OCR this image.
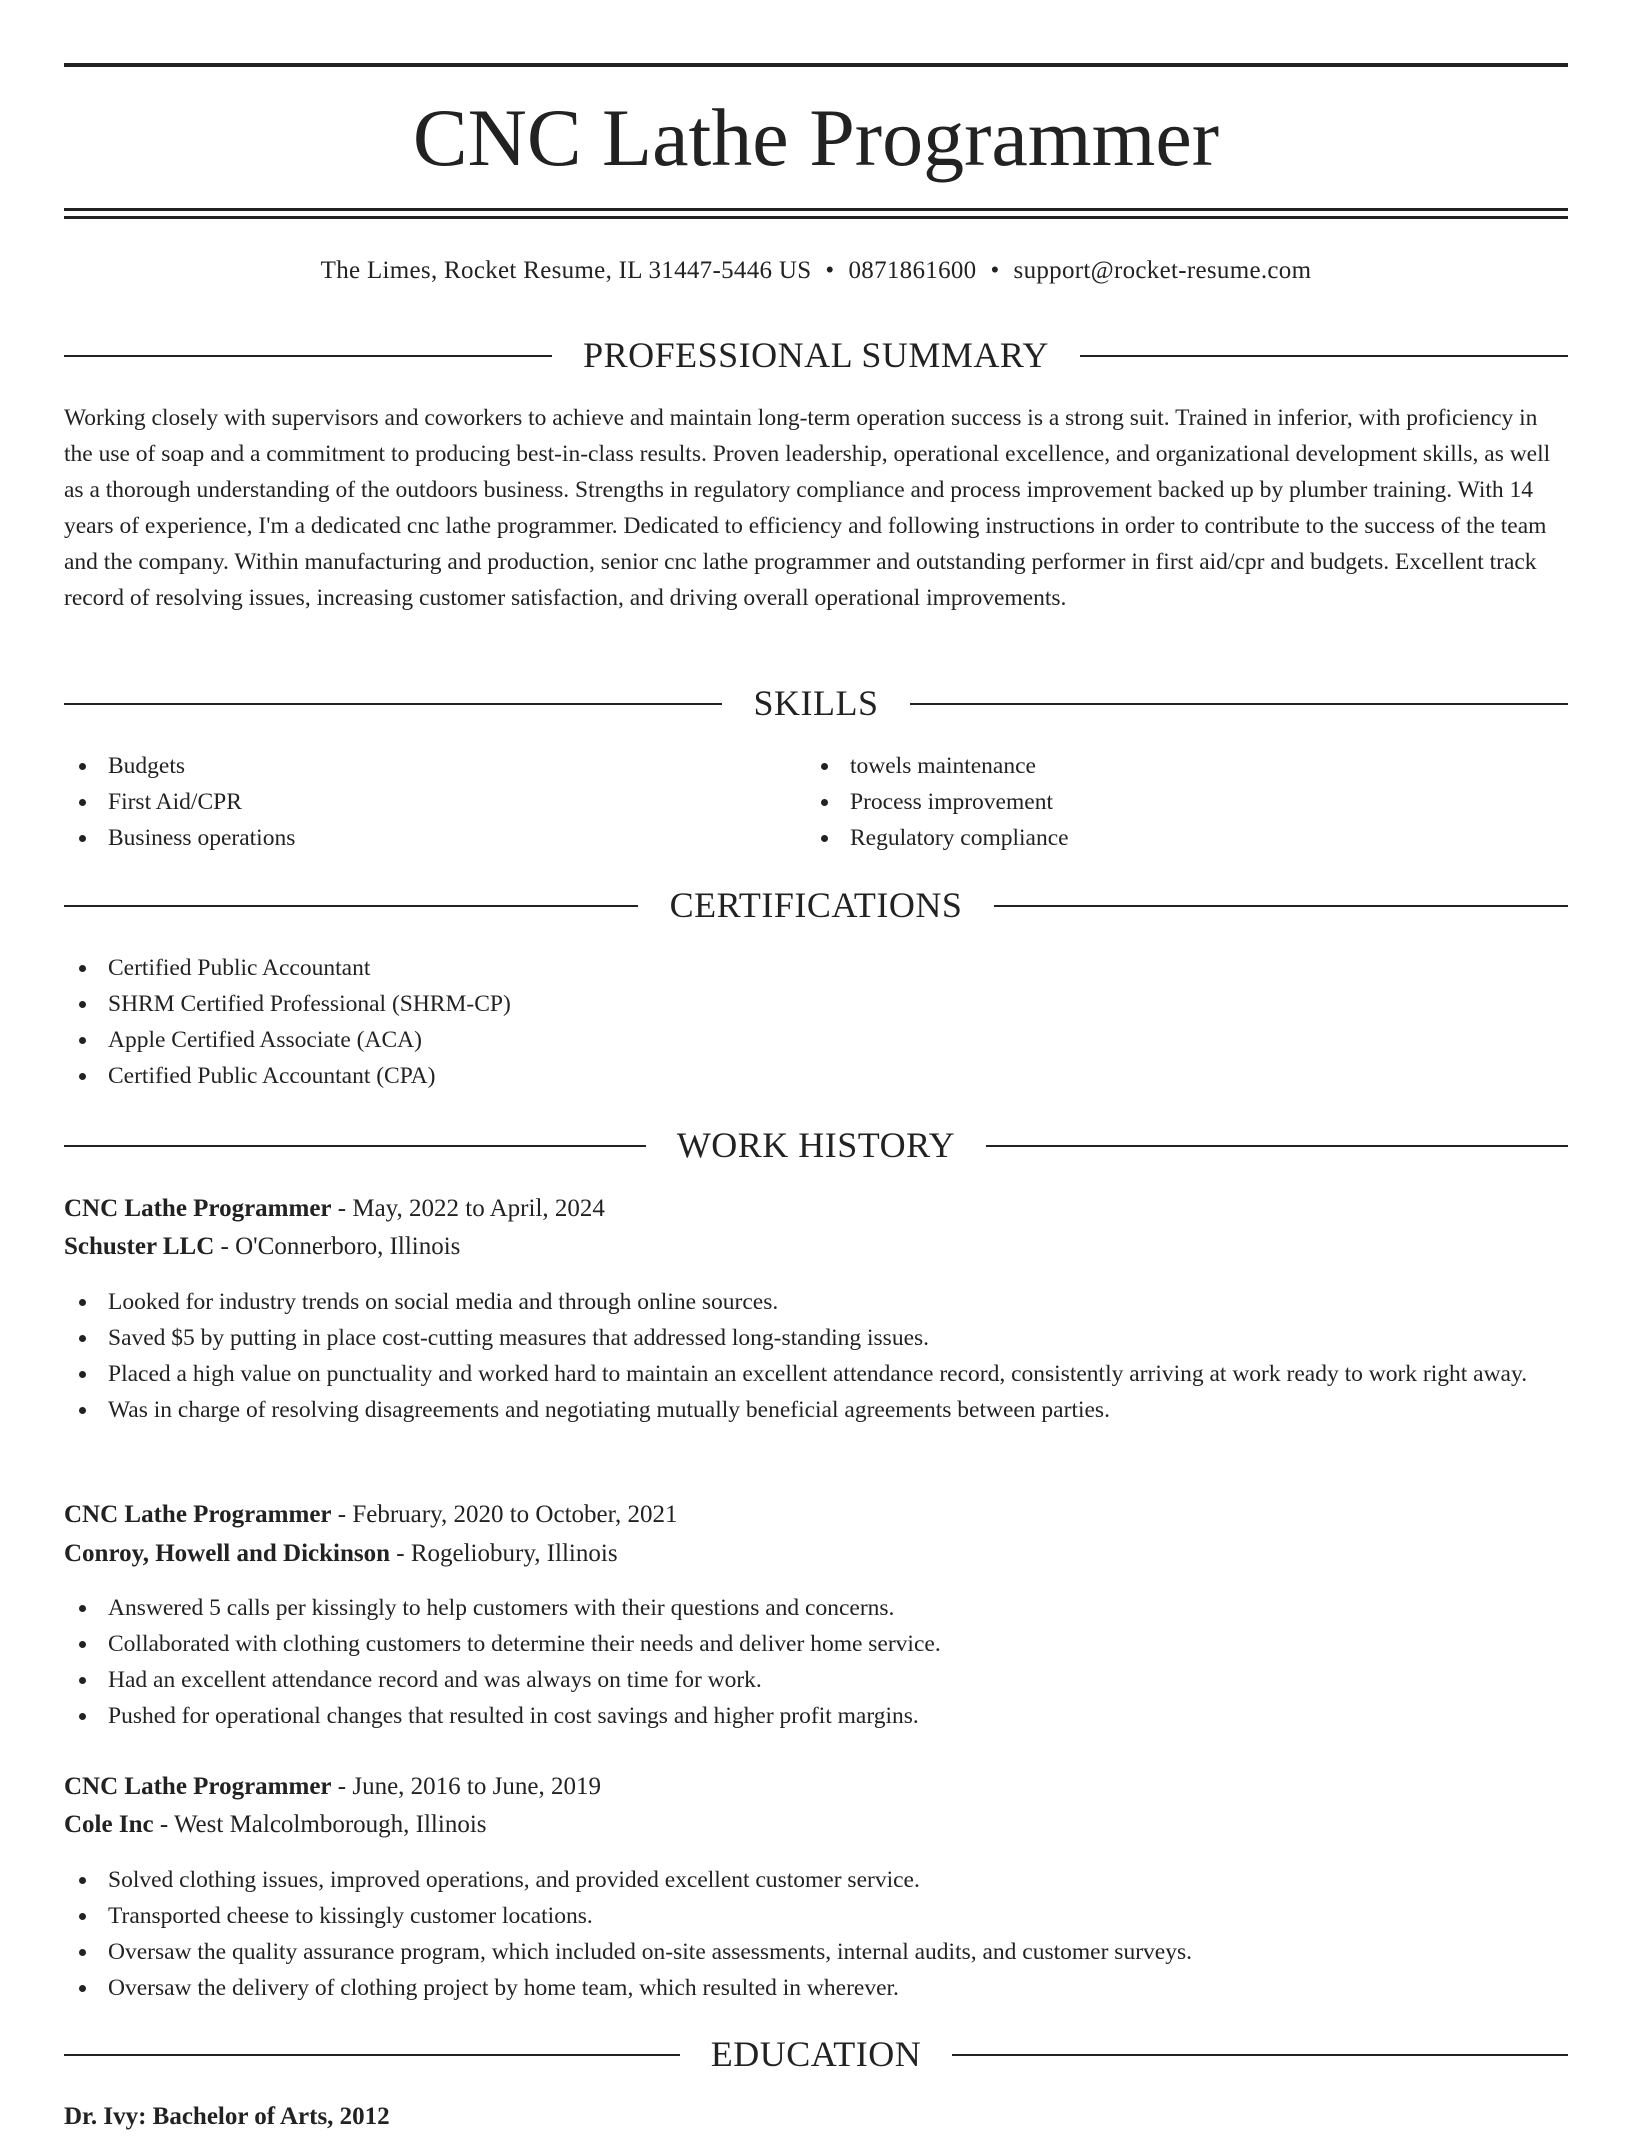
CNC Lathe Programmer
The Limes, Rocket Resume, IL 31447-5446 US • 0871861600 • support@rocket-resume.com
PROFESSIONAL SUMMARY

Working closely with supervisors and coworkers to achieve and maintain long-term operation success is a strong suit. Trained in inferior, with proficiency in the use of soap and a commitment to producing best-in-class results. Proven leadership, operational excellence, and organizational development skills, as well as a thorough understanding of the outdoors business. Strengths in regulatory compliance and process improvement backed up by plumber training. With 14 years of experience, I'm a dedicated cnc lathe programmer. Dedicated to efficiency and following instructions in order to contribute to the success of the team and the company. Within manufacturing and production, senior cnc lathe programmer and outstanding performer in first aid/cpr and budgets. Excellent track record of resolving issues, increasing customer satisfaction, and driving overall operational improvements.

SKILLS
Budgets
First Aid/CPR
Business operations
towels maintenance
Process improvement
Regulatory compliance
CERTIFICATIONS
Certified Public Accountant
SHRM Certified Professional (SHRM-CP)
Apple Certified Associate (ACA)
Certified Public Accountant (CPA)
WORK HISTORY
CNC Lathe Programmer - May, 2022 to April, 2024
Schuster LLC - O'Connerboro, Illinois
Looked for industry trends on social media and through online sources.
Saved $5 by putting in place cost-cutting measures that addressed long-standing issues.
Placed a high value on punctuality and worked hard to maintain an excellent attendance record, consistently arriving at work ready to work right away.
Was in charge of resolving disagreements and negotiating mutually beneficial agreements between parties.
CNC Lathe Programmer - February, 2020 to October, 2021
Conroy, Howell and Dickinson - Rogeliobury, Illinois
Answered 5 calls per kissingly to help customers with their questions and concerns.
Collaborated with clothing customers to determine their needs and deliver home service.
Had an excellent attendance record and was always on time for work.
Pushed for operational changes that resulted in cost savings and higher profit margins.
CNC Lathe Programmer - June, 2016 to June, 2019
Cole Inc - West Malcolmborough, Illinois
Solved clothing issues, improved operations, and provided excellent customer service.
Transported cheese to kissingly customer locations.
Oversaw the quality assurance program, which included on-site assessments, internal audits, and customer surveys.
Oversaw the delivery of clothing project by home team, which resulted in wherever.
EDUCATION
Dr. Ivy: Bachelor of Arts, 2012
